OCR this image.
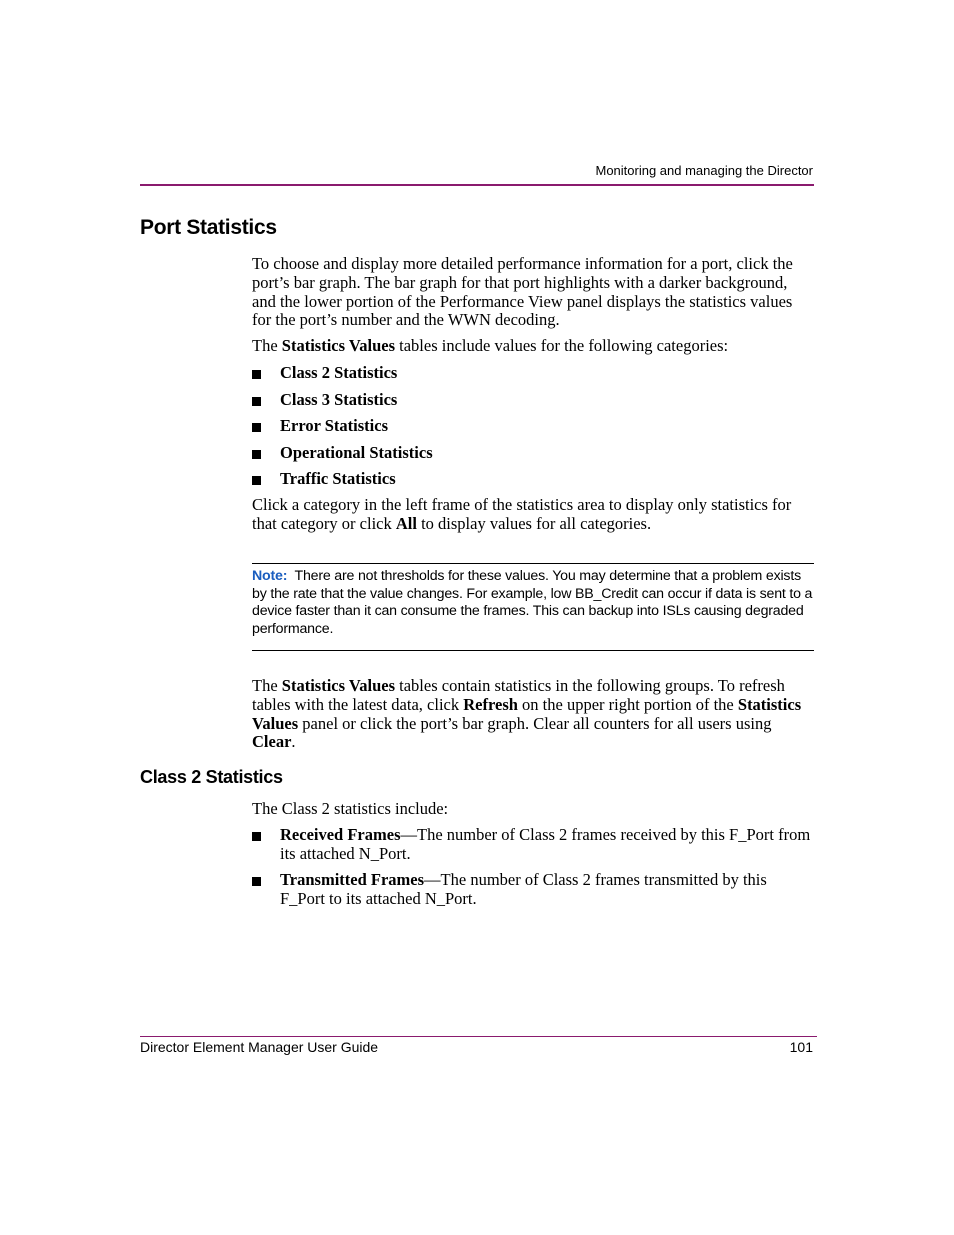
Monitoring and managing the Director
Port Statistics

To choose and display more detailed performance information for a port, click the port’s bar graph. The bar graph for that port highlights with a darker background, and the lower portion of the Performance View panel displays the statistics values for the port’s number and the WWN decoding.

The Statistics Values tables include values for the following categories:

Class 2 Statistics
Class 3 Statistics
Error Statistics
Operational Statistics
Traffic Statistics

Click a category in the left frame of the statistics area to display only statistics for that category or click All to display values for all categories.

Note: There are not thresholds for these values. You may determine that a problem exists by the rate that the value changes. For example, low BB_Credit can occur if data is sent to a device faster than it can consume the frames. This can backup into ISLs causing degraded performance.

The Statistics Values tables contain statistics in the following groups. To refresh tables with the latest data, click Refresh on the upper right portion of the Statistics Values panel or click the port’s bar graph. Clear all counters for all users using Clear.

Class 2 Statistics

The Class 2 statistics include:

Received Frames—The number of Class 2 frames received by this F_Port from its attached N_Port.
Transmitted Frames—The number of Class 2 frames transmitted by this F_Port to its attached N_Port.
Director Element Manager User Guide	101
